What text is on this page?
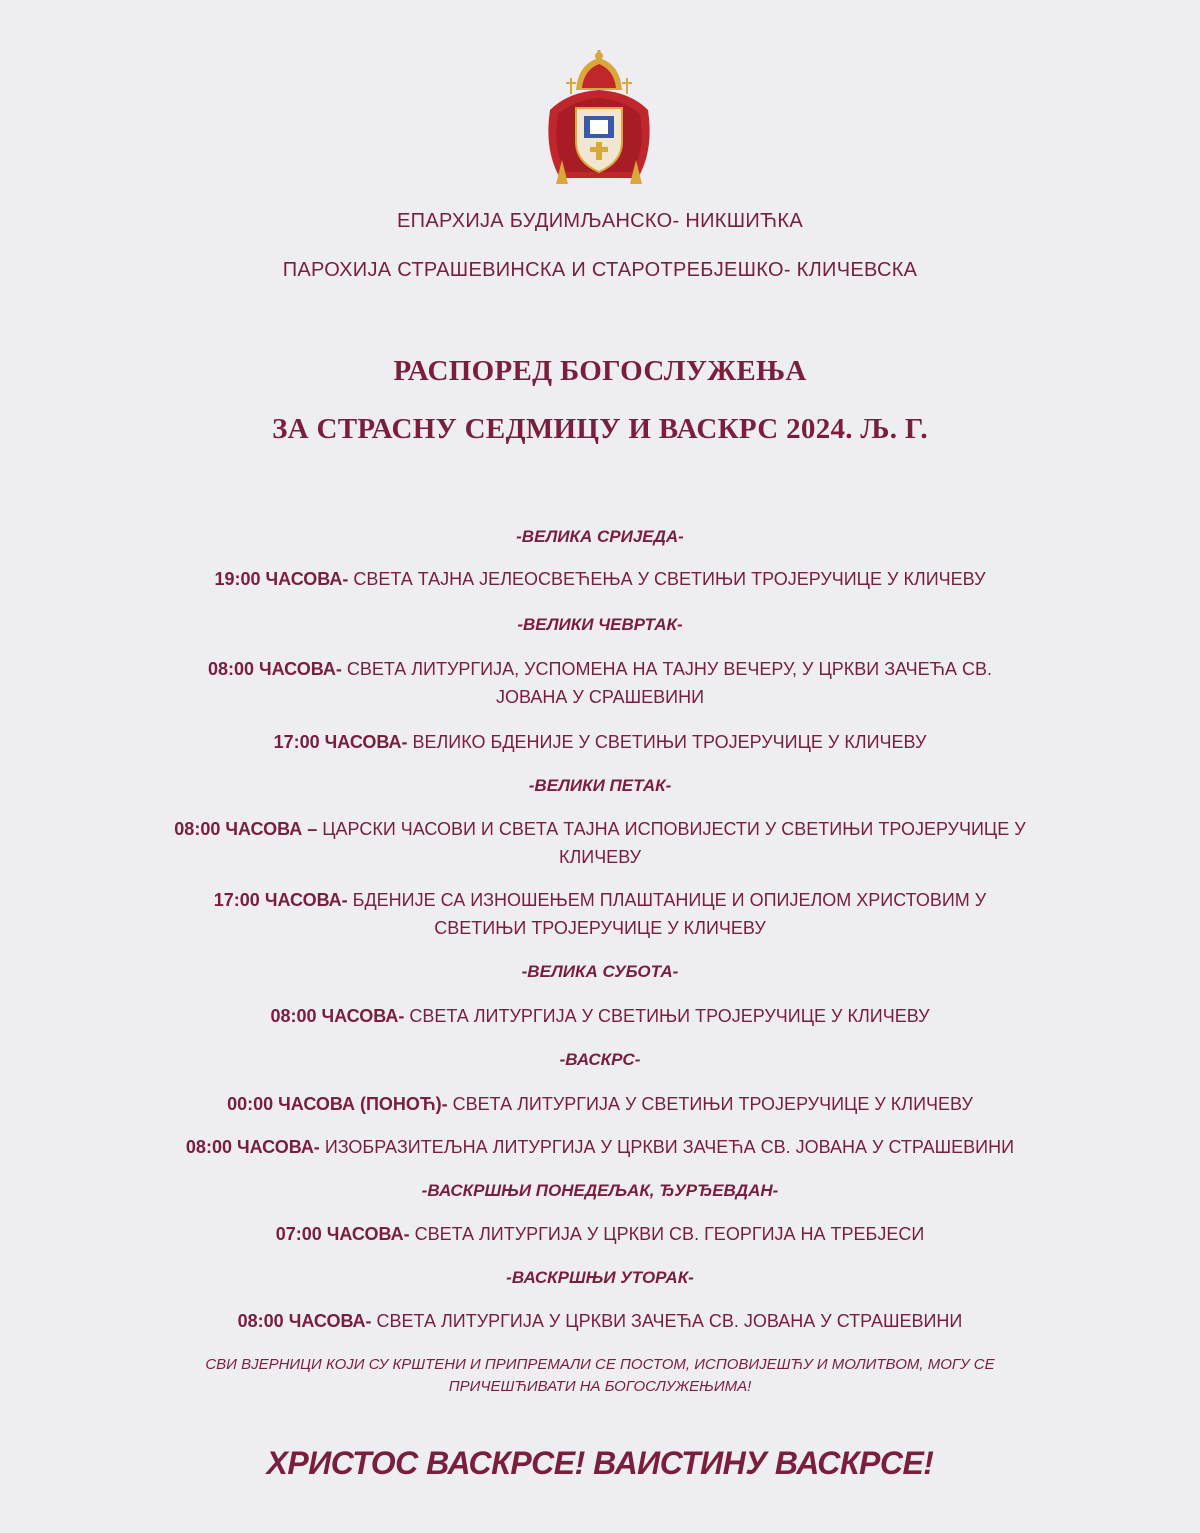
ЕПАРХИЈА БУДИМЉАНСКО- НИКШИЋКА
ПАРОХИЈА СТРАШЕВИНСКА И СТАРОТРЕБЈЕШКО- КЛИЧЕВСКА
РАСПОРЕД БОГОСЛУЖЕЊА
ЗА СТРАСНУ СЕДМИЦУ И ВАСКРС 2024. Љ. Г.
-ВЕЛИКА СРИЈЕДА-
19:00 ЧАСОВА- СВЕТА ТАЈНА ЈЕЛЕОСВЕЋЕЊА У СВЕТИЊИ ТРОЈЕРУЧИЦЕ У КЛИЧЕВУ
-ВЕЛИКИ ЧЕВРТАК-
08:00 ЧАСОВА- СВЕТА ЛИТУРГИЈА, УСПОМЕНА НА ТАЈНУ ВЕЧЕРУ, У ЦРКВИ ЗАЧЕЋА СВ.
ЈОВАНА У СРАШЕВИНИ
17:00 ЧАСОВА- ВЕЛИКО БДЕНИЈЕ У СВЕТИЊИ ТРОЈЕРУЧИЦЕ У КЛИЧЕВУ
-ВЕЛИКИ ПЕТАК-
08:00 ЧАСОВА – ЦАРСКИ ЧАСОВИ И СВЕТА ТАЈНА ИСПОВИЈЕСТИ У СВЕТИЊИ ТРОЈЕРУЧИЦЕ У
КЛИЧЕВУ
17:00 ЧАСОВА- БДЕНИЈЕ СА ИЗНОШЕЊЕМ ПЛАШТАНИЦЕ И ОПИЈЕЛОМ ХРИСТОВИМ У
СВЕТИЊИ ТРОЈЕРУЧИЦЕ У КЛИЧЕВУ
-ВЕЛИКА СУБОТА-
08:00 ЧАСОВА- СВЕТА ЛИТУРГИЈА У СВЕТИЊИ ТРОЈЕРУЧИЦЕ У КЛИЧЕВУ
-ВАСКРС-
00:00 ЧАСОВА (ПОНОЋ)- СВЕТА ЛИТУРГИЈА У СВЕТИЊИ ТРОЈЕРУЧИЦЕ У КЛИЧЕВУ
08:00 ЧАСОВА- ИЗОБРАЗИТЕЉНА ЛИТУРГИЈА У ЦРКВИ ЗАЧЕЋА СВ. ЈОВАНА У СТРАШЕВИНИ
-ВАСКРШЊИ ПОНЕДЕЉАК, ЂУРЂЕВДАН-
07:00 ЧАСОВА- СВЕТА ЛИТУРГИЈА У ЦРКВИ СВ. ГЕОРГИЈА НА ТРЕБЈЕСИ
-ВАСКРШЊИ УТОРАК-
08:00 ЧАСОВА- СВЕТА ЛИТУРГИЈА У ЦРКВИ ЗАЧЕЋА СВ. ЈОВАНА У СТРАШЕВИНИ
СВИ ВЈЕРНИЦИ КОЈИ СУ КРШТЕНИ И ПРИПРЕМАЛИ СЕ ПОСТОМ, ИСПОВИЈЕШЋУ И МОЛИТВОМ, МОГУ СЕ
ПРИЧЕШЋИВАТИ НА БОГОСЛУЖЕЊИМА!
ХРИСТОС ВАСКРСЕ! ВАИСТИНУ ВАСКРСЕ!
